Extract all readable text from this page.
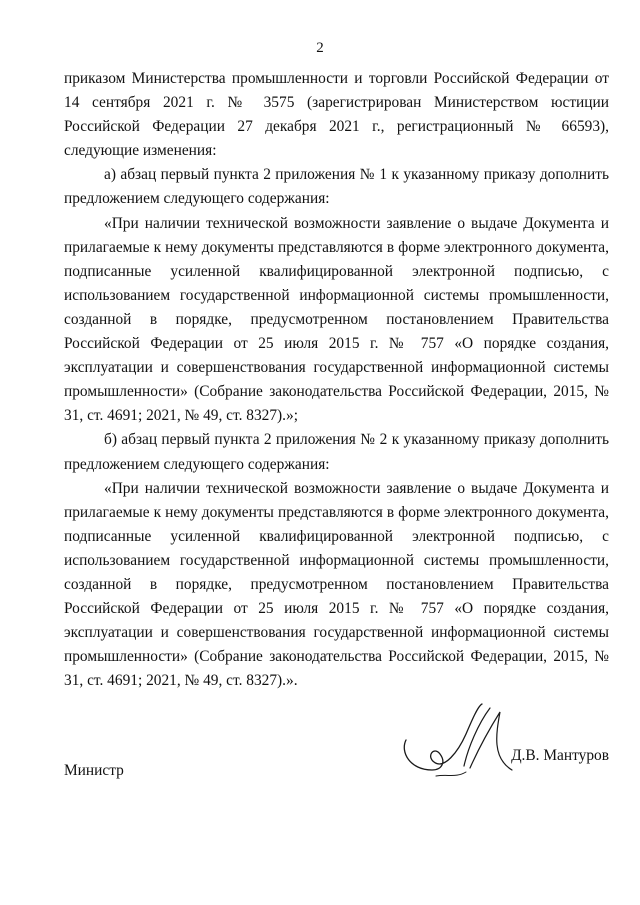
2

приказом Министерства промышленности и торговли Российской Федерации от 14 сентября 2021 г. № 3575 (зарегистрирован Министерством юстиции Российской Федерации 27 декабря 2021 г., регистрационный № 66593), следующие изменения:

а) абзац первый пункта 2 приложения № 1 к указанному приказу дополнить предложением следующего содержания:

«При наличии технической возможности заявление о выдаче Документа и прилагаемые к нему документы представляются в форме электронного документа, подписанные усиленной квалифицированной электронной подписью, с использованием государственной информационной системы промышленности, созданной в порядке, предусмотренном постановлением Правительства Российской Федерации от 25 июля 2015 г. № 757 «О порядке создания, эксплуатации и совершенствования государственной информационной системы промышленности» (Собрание законодательства Российской Федерации, 2015, № 31, ст. 4691; 2021, № 49, ст. 8327).»;

б) абзац первый пункта 2 приложения № 2 к указанному приказу дополнить предложением следующего содержания:

«При наличии технической возможности заявление о выдаче Документа и прилагаемые к нему документы представляются в форме электронного документа, подписанные усиленной квалифицированной электронной подписью, с использованием государственной информационной системы промышленности, созданной в порядке, предусмотренном постановлением Правительства Российской Федерации от 25 июля 2015 г. № 757 «О порядке создания, эксплуатации и совершенствования государственной информационной системы промышленности» (Собрание законодательства Российской Федерации, 2015, № 31, ст. 4691; 2021, № 49, ст. 8327).».

Министр
Д.В. Мантуров
